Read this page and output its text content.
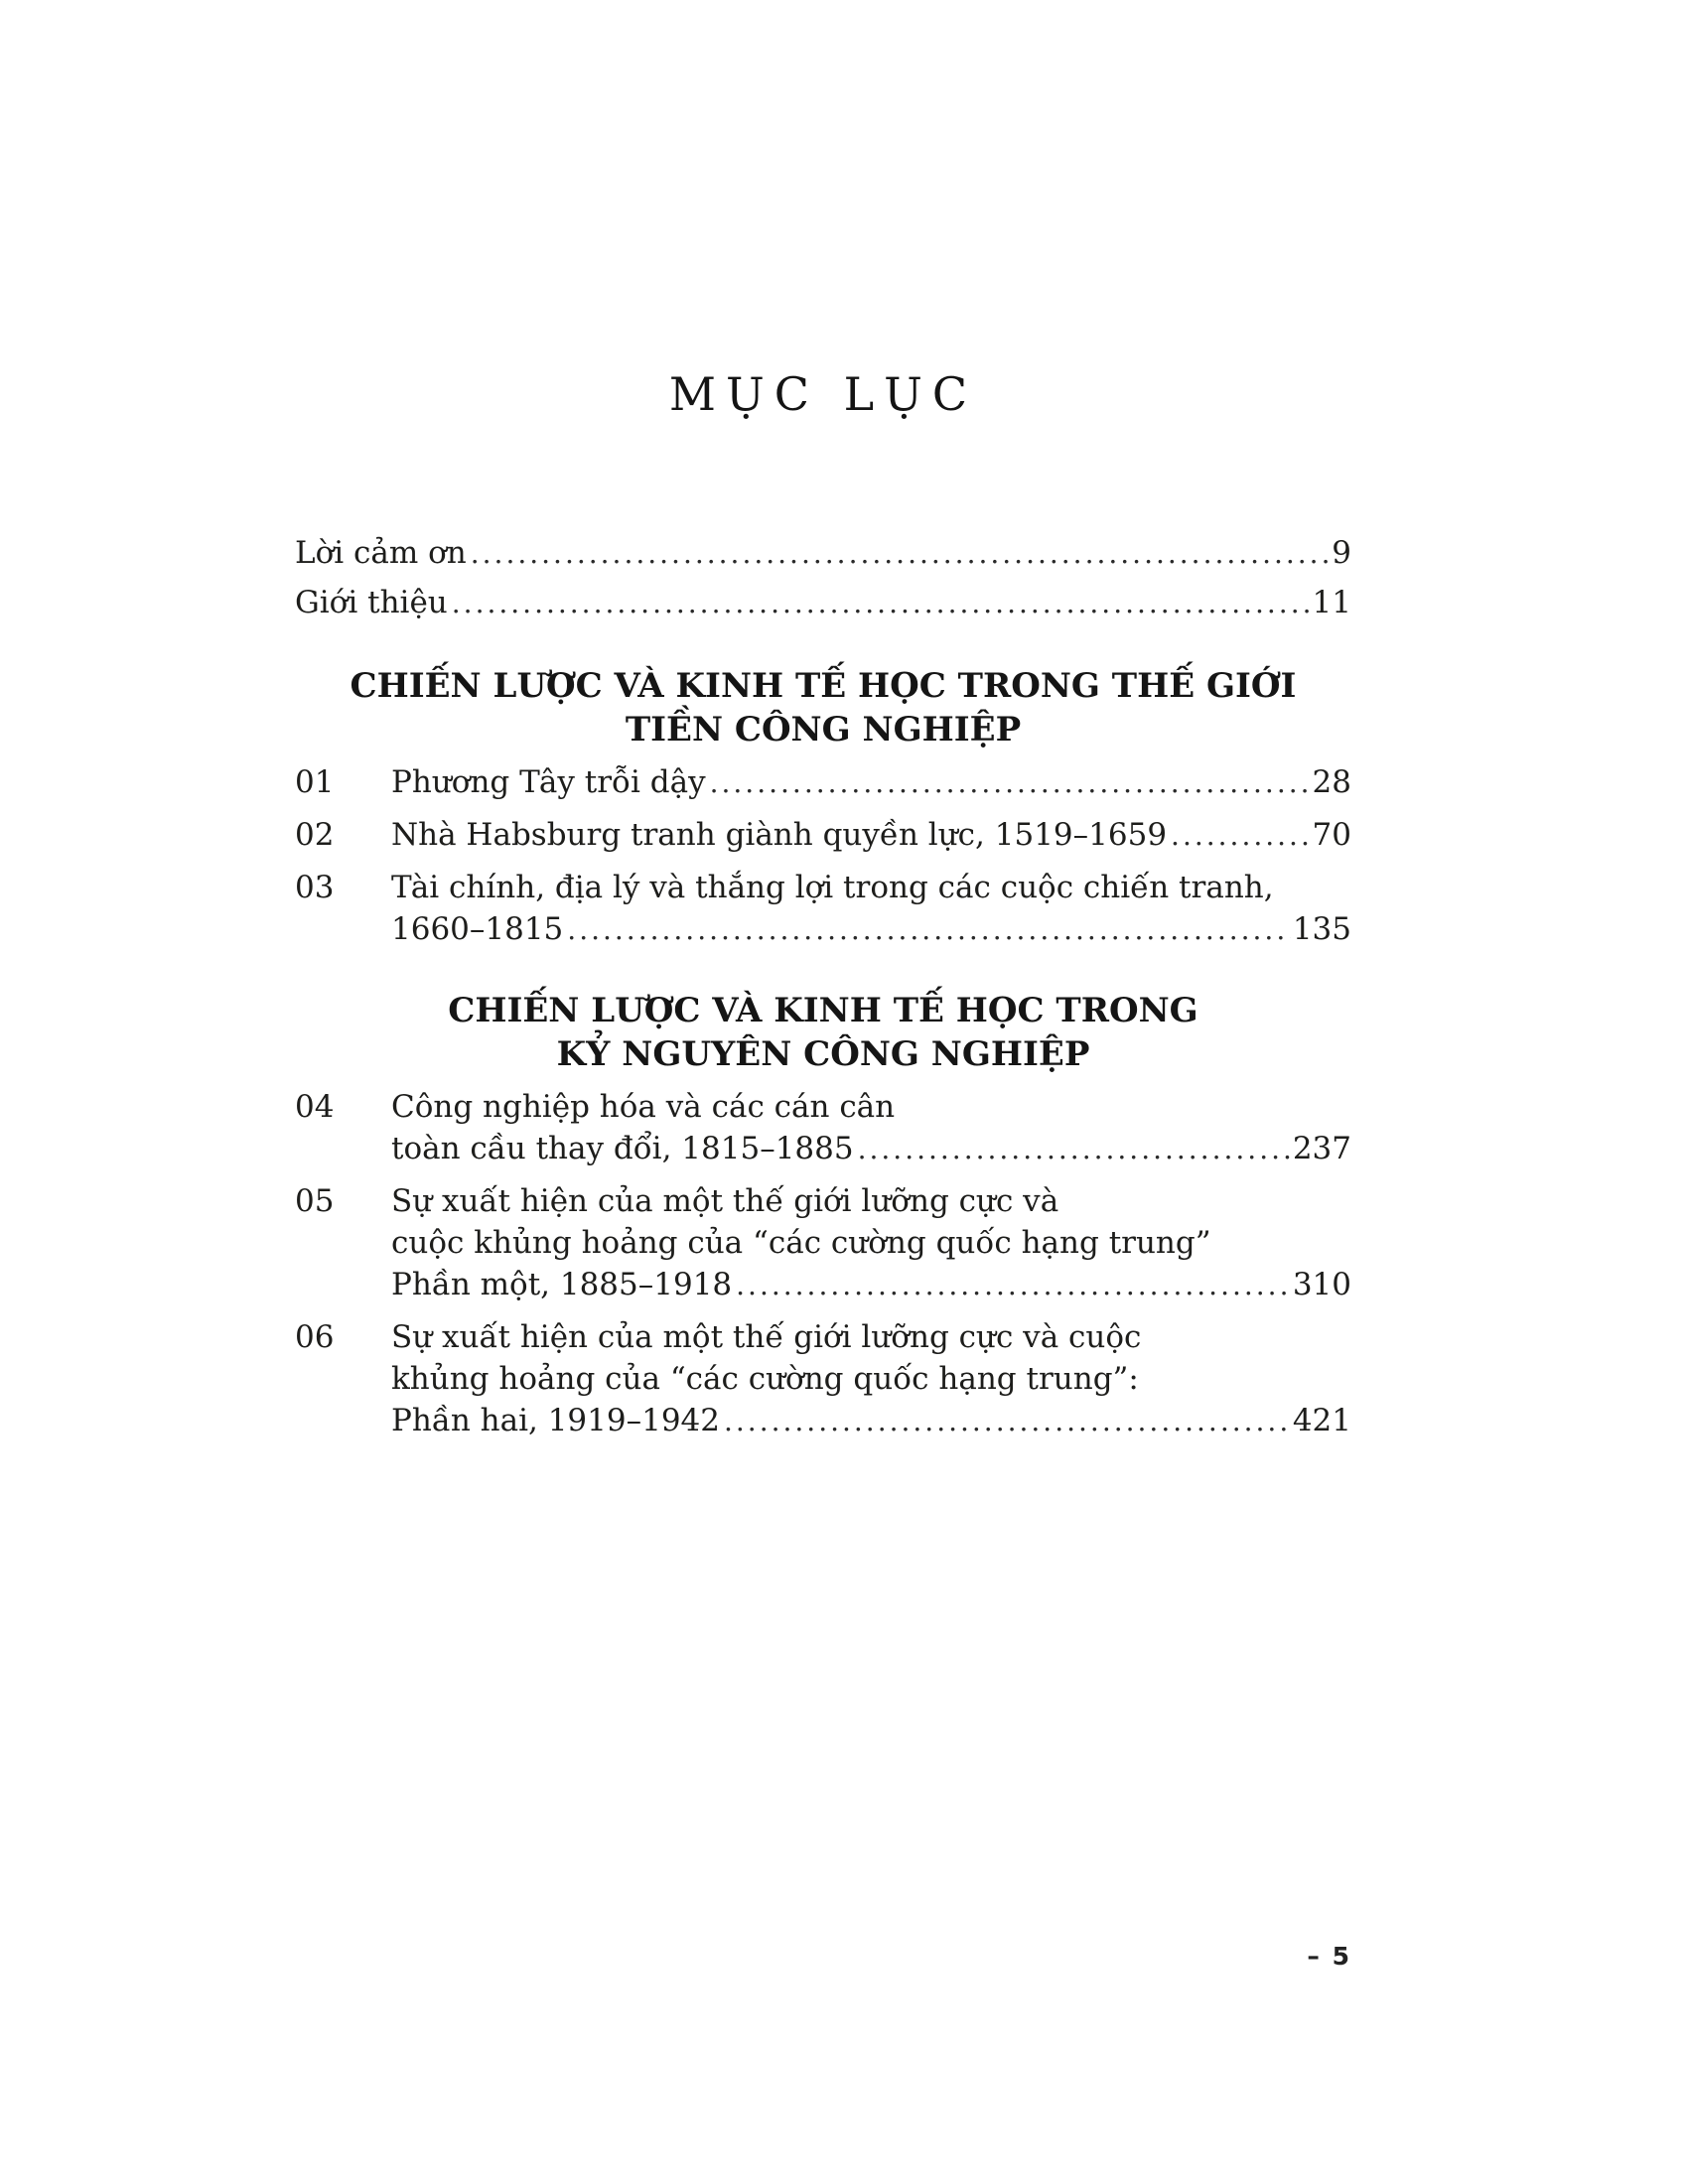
MỤC LỤC
Lời cảm ơn .....	9
Giới thiệu .....	11
CHIẾN LƯỢC VÀ KINH TẾ HỌC TRONG THẾ GIỚI
TIỀN CÔNG NGHIỆP
01	Phương Tây trỗi dậy .....	28
02	Nhà Habsburg tranh giành quyền lực, 1519–1659 .....	70
03	Tài chính, địa lý và thắng lợi trong các cuộc chiến tranh,
1660–1815 .....	135
CHIẾN LƯỢC VÀ KINH TẾ HỌC TRONG
KỶ NGUYÊN CÔNG NGHIỆP
04	Công nghiệp hóa và các cán cân
toàn cầu thay đổi, 1815–1885 .....	237
05	Sự xuất hiện của một thế giới lưỡng cực và
cuộc khủng hoảng của “các cường quốc hạng trung”
Phần một, 1885–1918 .....	310
06	Sự xuất hiện của một thế giới lưỡng cực và cuộc
khủng hoảng của “các cường quốc hạng trung”:
Phần hai, 1919–1942 .....	421
– 5
